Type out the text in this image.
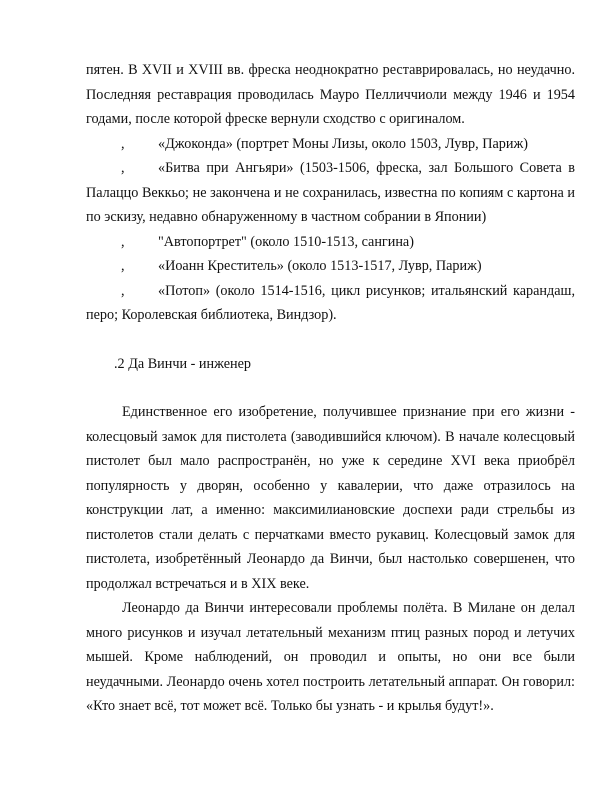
пятен. В XVII и XVIII вв. фреска неоднократно реставрировалась, но неудачно. Последняя реставрация проводилась Мауро Пелличчиоли между 1946 и 1954 годами, после которой фреске вернули сходство с оригиналом.

, «Джоконда» (портрет Моны Лизы, около 1503, Лувр, Париж)

, «Битва при Ангьяри» (1503-1506, фреска, зал Большого Совета в Палаццо Веккьо; не закончена и не сохранилась, известна по копиям с картона и по эскизу, недавно обнаруженному в частном собрании в Японии)

, "Автопортрет" (около 1510-1513, сангина)

, «Иоанн Креститель» (около 1513-1517, Лувр, Париж)

, «Потоп» (около 1514-1516, цикл рисунков; итальянский карандаш, перо; Королевская библиотека, Виндзор).

.2 Да Винчи - инженер

Единственное его изобретение, получившее признание при его жизни - колесцовый замок для пистолета (заводившийся ключом). В начале колесцовый пистолет был мало распространён, но уже к середине XVI века приобрёл популярность у дворян, особенно у кавалерии, что даже отразилось на конструкции лат, а именно: максимилиановские доспехи ради стрельбы из пистолетов стали делать с перчатками вместо рукавиц. Колесцовый замок для пистолета, изобретённый Леонардо да Винчи, был настолько совершенен, что продолжал встречаться и в XIX веке.

Леонардо да Винчи интересовали проблемы полёта. В Милане он делал много рисунков и изучал летательный механизм птиц разных пород и летучих мышей. Кроме наблюдений, он проводил и опыты, но они все были неудачными. Леонардо очень хотел построить летательный аппарат. Он говорил: «Кто знает всё, тот может всё. Только бы узнать - и крылья будут!».
